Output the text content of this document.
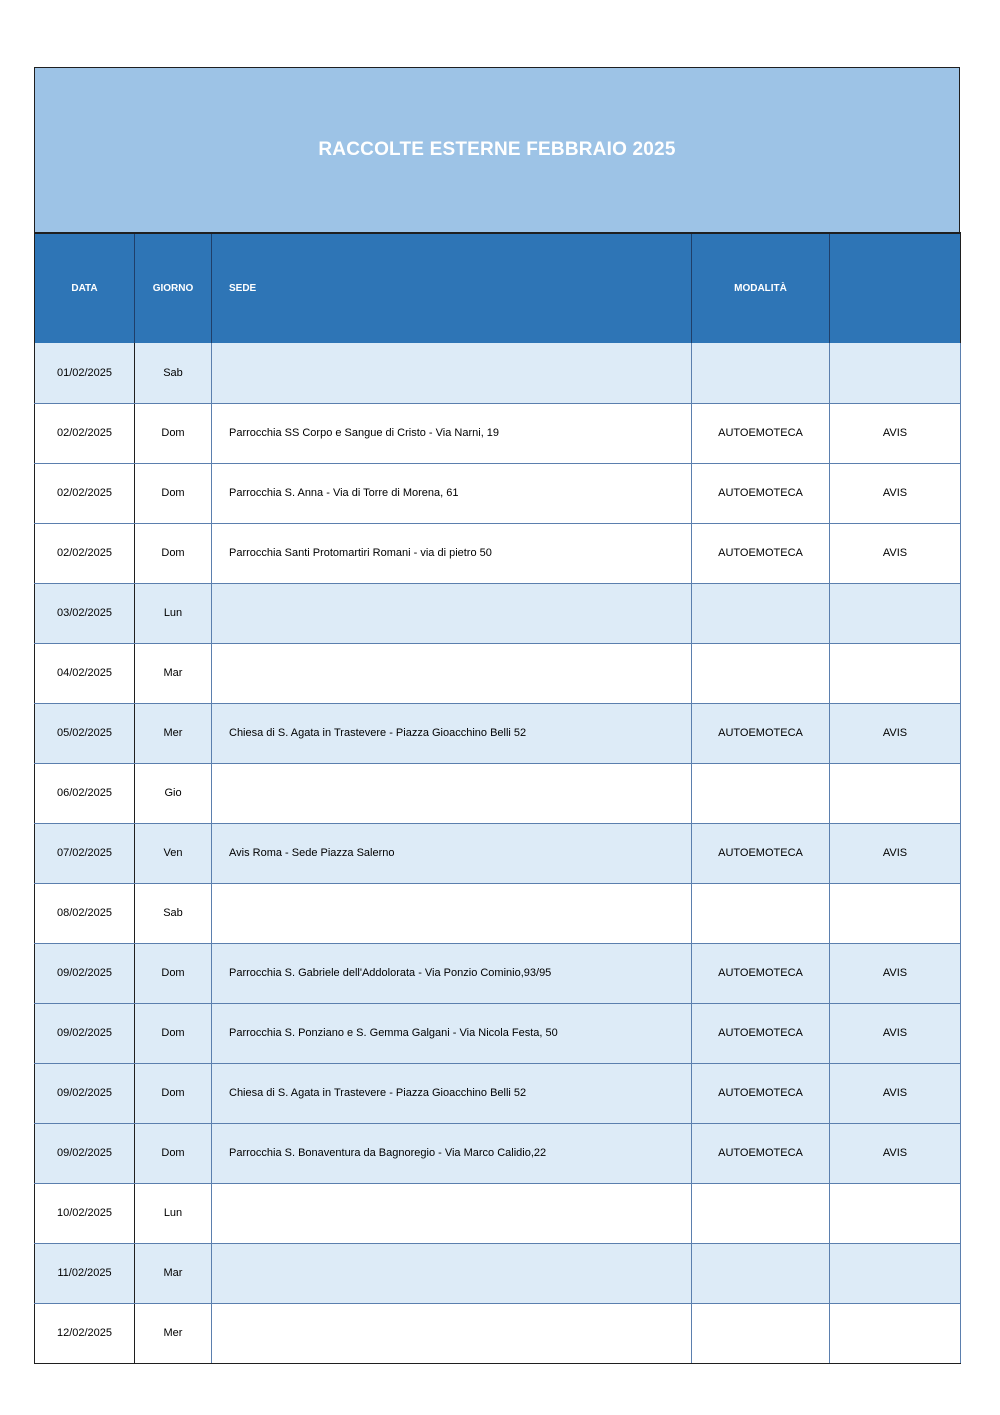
RACCOLTE ESTERNE FEBBRAIO 2025
DATA	GIORNO	SEDE	MODALITÀ	
01/02/2025	Sab			
02/02/2025	Dom	Parrocchia SS Corpo e Sangue di Cristo - Via Narni, 19	AUTOEMOTECA	AVIS
02/02/2025	Dom	Parrocchia S. Anna - Via di Torre di Morena, 61	AUTOEMOTECA	AVIS
02/02/2025	Dom	Parrocchia Santi Protomartiri Romani - via di pietro 50	AUTOEMOTECA	AVIS
03/02/2025	Lun			
04/02/2025	Mar			
05/02/2025	Mer	Chiesa di S. Agata in Trastevere - Piazza Gioacchino Belli 52	AUTOEMOTECA	AVIS
06/02/2025	Gio			
07/02/2025	Ven	Avis Roma - Sede Piazza Salerno	AUTOEMOTECA	AVIS
08/02/2025	Sab			
09/02/2025	Dom	Parrocchia S. Gabriele dell'Addolorata - Via Ponzio Cominio,93/95	AUTOEMOTECA	AVIS
09/02/2025	Dom	Parrocchia S. Ponziano e S. Gemma Galgani - Via Nicola Festa, 50	AUTOEMOTECA	AVIS
09/02/2025	Dom	Chiesa di S. Agata in Trastevere - Piazza Gioacchino Belli 52	AUTOEMOTECA	AVIS
09/02/2025	Dom	Parrocchia S. Bonaventura da Bagnoregio - Via Marco Calidio,22	AUTOEMOTECA	AVIS
10/02/2025	Lun			
11/02/2025	Mar			
12/02/2025	Mer			
